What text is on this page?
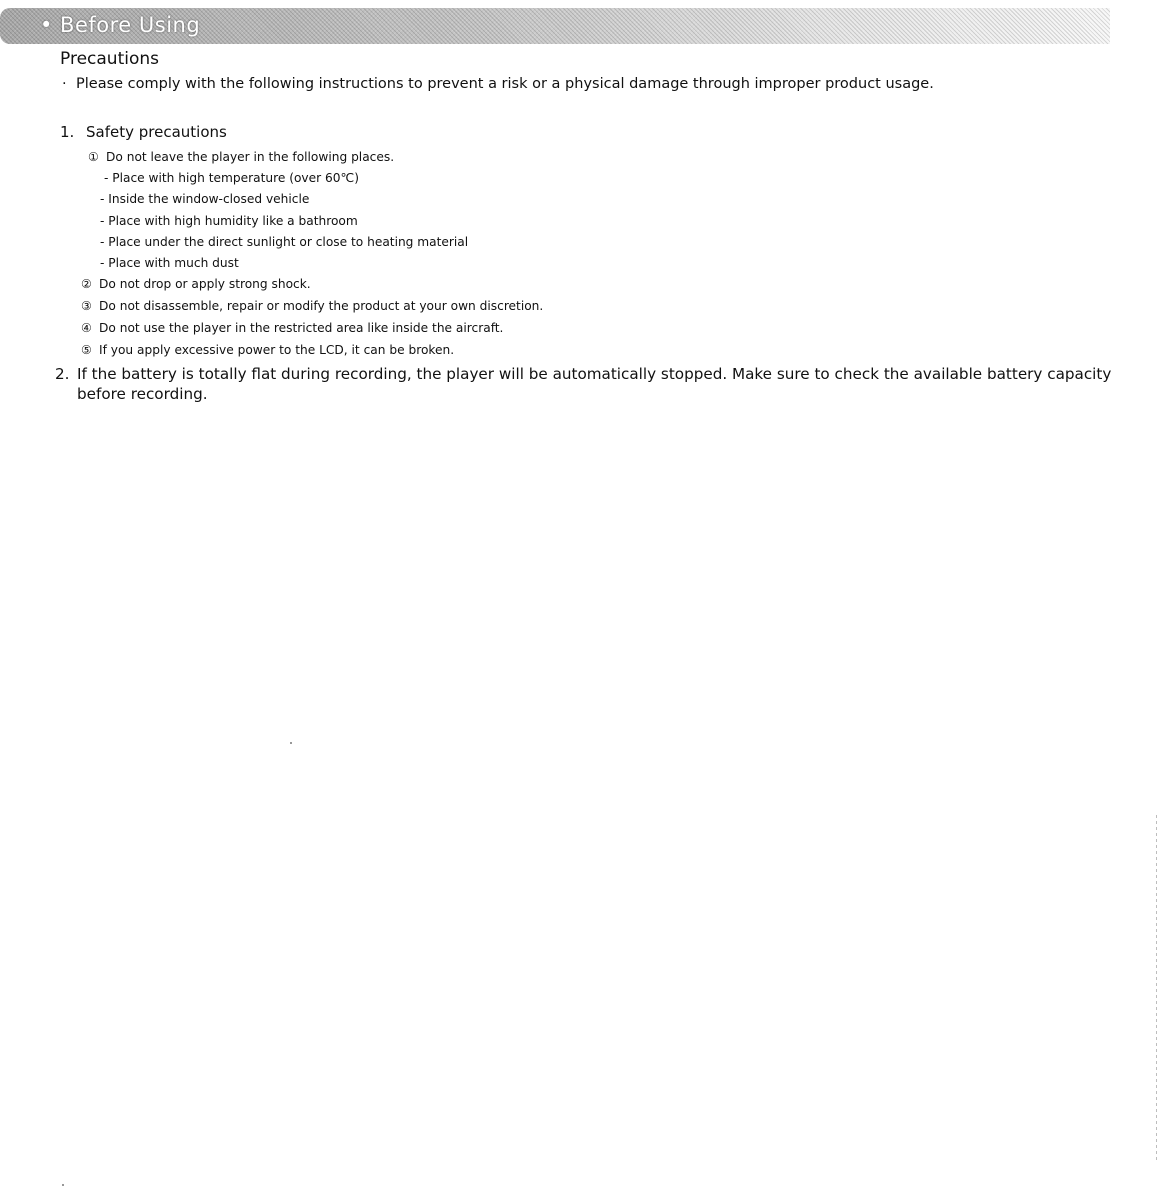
• Before Using
Precautions
· Please comply with the following instructions to prevent a risk or a physical damage through improper product usage.
1. Safety precautions
① Do not leave the player in the following places.
- Place with high temperature (over 60℃)
- Inside the window-closed vehicle
- Place with high humidity like a bathroom
- Place under the direct sunlight or close to heating material
- Place with much dust
② Do not drop or apply strong shock.
③ Do not disassemble, repair or modify the product at your own discretion.
④ Do not use the player in the restricted area like inside the aircraft.
⑤ If you apply excessive power to the LCD, it can be broken.
2. If the battery is totally flat during recording, the player will be automatically stopped. Make sure to check the available battery capacity before recording.
